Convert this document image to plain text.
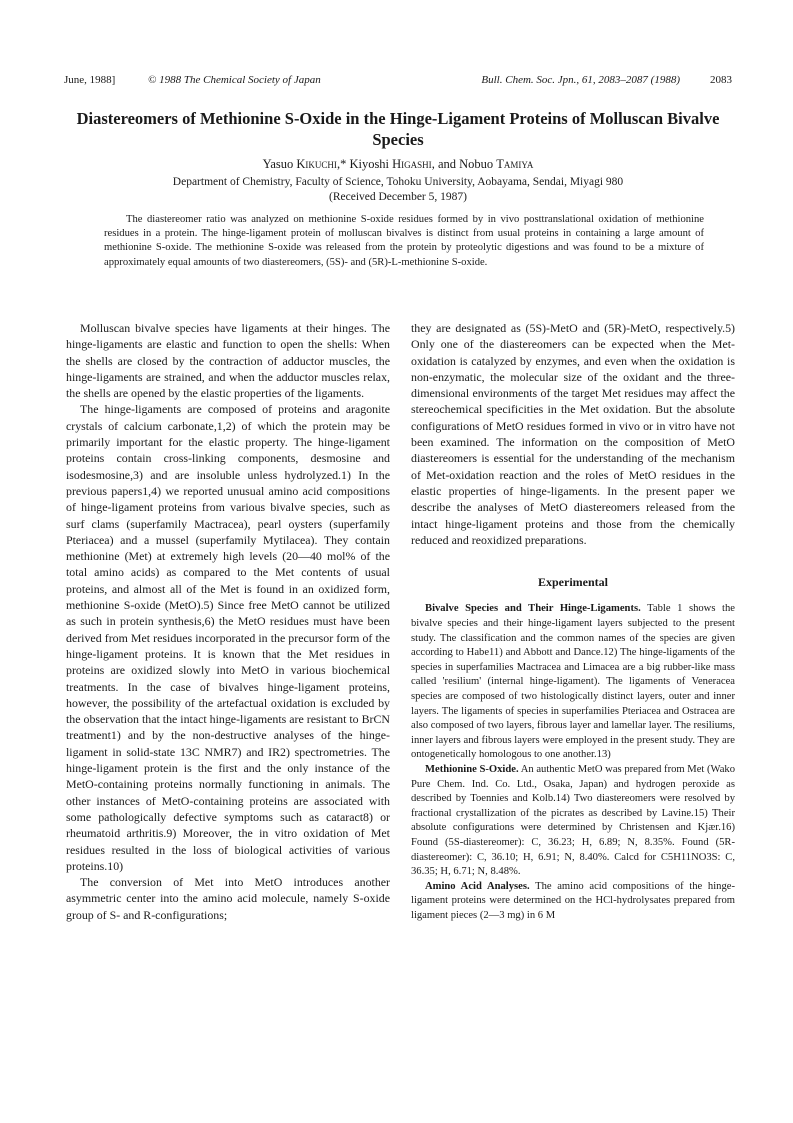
June, 1988]	© 1988 The Chemical Society of Japan	Bull. Chem. Soc. Jpn., 61, 2083–2087 (1988)	2083
Diastereomers of Methionine S-Oxide in the Hinge-Ligament Proteins of Molluscan Bivalve Species
Yasuo Kikuchi,* Kiyoshi Higashi, and Nobuo Tamiya
Department of Chemistry, Faculty of Science, Tohoku University, Aobayama, Sendai, Miyagi 980
(Received December 5, 1987)

The diastereomer ratio was analyzed on methionine S-oxide residues formed by in vivo posttranslational oxidation of methionine residues in a protein. The hinge-ligament protein of molluscan bivalves is distinct from usual proteins in containing a large amount of methionine S-oxide. The methionine S-oxide was released from the protein by proteolytic digestions and was found to be a mixture of approximately equal amounts of two diastereomers, (5S)- and (5R)-L-methionine S-oxide.

Molluscan bivalve species have ligaments at their hinges. The hinge-ligaments are elastic and function to open the shells: When the shells are closed by the contraction of adductor muscles, the hinge-ligaments are strained, and when the adductor muscles relax, the shells are opened by the elastic properties of the ligaments.

The hinge-ligaments are composed of proteins and aragonite crystals of calcium carbonate,1,2) of which the protein may be primarily important for the elastic property. The hinge-ligament proteins contain cross-linking components, desmosine and isodesmosine,3) and are insoluble unless hydrolyzed.1) In the previous papers1,4) we reported unusual amino acid compositions of hinge-ligament proteins from various bivalve species, such as surf clams (superfamily Mactracea), pearl oysters (superfamily Pteriacea) and a mussel (superfamily Mytilacea). They contain methionine (Met) at extremely high levels (20—40 mol% of the total amino acids) as compared to the Met contents of usual proteins, and almost all of the Met is found in an oxidized form, methionine S-oxide (MetO).5) Since free MetO cannot be utilized as such in protein synthesis,6) the MetO residues must have been derived from Met residues incorporated in the precursor form of the hinge-ligament proteins. It is known that the Met residues in proteins are oxidized slowly into MetO in various biochemical treatments. In the case of bivalves hinge-ligament proteins, however, the possibility of the artefactual oxidation is excluded by the observation that the intact hinge-ligaments are resistant to BrCN treatment1) and by the non-destructive analyses of the hinge-ligament in solid-state 13C NMR7) and IR2) spectrometries. The hinge-ligament protein is the first and the only instance of the MetO-containing proteins normally functioning in animals. The other instances of MetO-containing proteins are associated with some pathologically defective symptoms such as cataract8) or rheumatoid arthritis.9) Moreover, the in vitro oxidation of Met residues resulted in the loss of biological activities of various proteins.10)

The conversion of Met into MetO introduces another asymmetric center into the amino acid molecule, namely S-oxide group of S- and R-configurations;

they are designated as (5S)-MetO and (5R)-MetO, respectively.5) Only one of the diastereomers can be expected when the Met-oxidation is catalyzed by enzymes, and even when the oxidation is non-enzymatic, the molecular size of the oxidant and the three-dimensional environments of the target Met residues may affect the stereochemical specificities in the Met oxidation. But the absolute configurations of MetO residues formed in vivo or in vitro have not been examined. The information on the composition of MetO diastereomers is essential for the understanding of the mechanism of Met-oxidation reaction and the roles of MetO residues in the elastic properties of hinge-ligaments. In the present paper we describe the analyses of MetO diastereomers released from the intact hinge-ligament proteins and those from the chemically reduced and reoxidized preparations.

Experimental

Bivalve Species and Their Hinge-Ligaments. Table 1 shows the bivalve species and their hinge-ligament layers subjected to the present study. The classification and the common names of the species are given according to Habe11) and Abbott and Dance.12) The hinge-ligaments of the species in superfamilies Mactracea and Limacea are a big rubber-like mass called 'resilium' (internal hinge-ligament). The ligaments of Veneracea species are composed of two histologically distinct layers, outer and inner layers. The ligaments of species in superfamilies Pteriacea and Ostracea are also composed of two layers, fibrous layer and lamellar layer. The resiliums, inner layers and fibrous layers were employed in the present study. They are ontogenetically homologous to one another.13)

Methionine S-Oxide. An authentic MetO was prepared from Met (Wako Pure Chem. Ind. Co. Ltd., Osaka, Japan) and hydrogen peroxide as described by Toennies and Kolb.14) Two diastereomers were resolved by fractional crystallization of the picrates as described by Lavine.15) Their absolute configurations were determined by Christensen and Kjær.16) Found (5S-diastereomer): C, 36.23; H, 6.89; N, 8.35%. Found (5R-diastereomer): C, 36.10; H, 6.91; N, 8.40%. Calcd for C5H11NO3S: C, 36.35; H, 6.71; N, 8.48%.

Amino Acid Analyses. The amino acid compositions of the hinge-ligament proteins were determined on the HCl-hydrolysates prepared from ligament pieces (2—3 mg) in 6 M
